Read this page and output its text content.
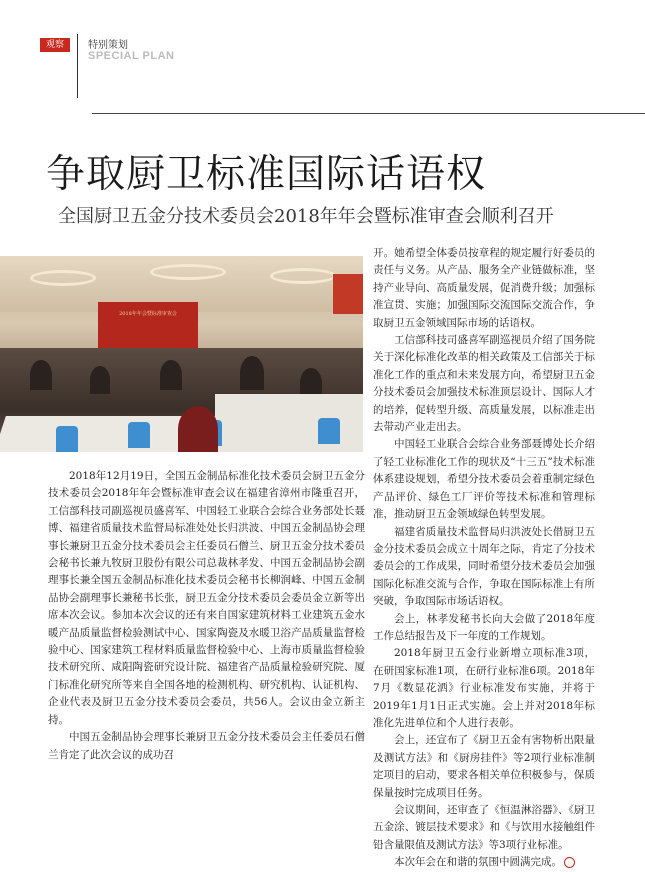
观察	特别策划
SPECIAL PLAN
争取厨卫标准国际话语权
全国厨卫五金分技术委员会2018年年会暨标准审查会顺利召开
2018年年会暨标准审查会

2018年12月19日，全国五金制品标准化技术委员会厨卫五金分技术委员会2018年年会暨标准审查会议在福建省漳州市隆重召开，工信部科技司副巡视员盛喜军、中国轻工业联合会综合业务部处长聂博、福建省质量技术监督局标准处处长归洪波、中国五金制品协会理事长兼厨卫五金分技术委员会主任委员石僧兰、厨卫五金分技术委员会秘书长兼九牧厨卫股份有限公司总裁林孝发、中国五金制品协会副理事长兼全国五金制品标准化技术委员会秘书长柳润峰、中国五金制品协会副理事长兼秘书长张，厨卫五金分技术委员会委员金立新等出席本次会议。参加本次会议的还有来自国家建筑材料工业建筑五金水暖产品质量监督检验测试中心、国家陶瓷及水暖卫浴产品质量监督检验中心、国家建筑工程材料质量监督检验中心、上海市质量监督检验技术研究所、咸阳陶瓷研究设计院、福建省产品质量检验研究院、厦门标准化研究所等来自全国各地的检测机构、研究机构、认证机构、企业代表及厨卫五金分技术委员会委员，共56人。会议由金立新主持。

中国五金制品协会理事长兼厨卫五金分技术委员会主任委员石僧兰肯定了此次会议的成功召

开。她希望全体委员按章程的规定履行好委员的责任与义务。从产品、服务全产业链做标准，坚持产业导向、高质量发展，促消费升级；加强标准宣贯、实施；加强国际交流国际交流合作，争取厨卫五金领域国际市场的话语权。

工信部科技司盛喜军副巡视员介绍了国务院关于深化标准化改革的相关政策及工信部关于标准化工作的重点和未来发展方向，希望厨卫五金分技术委员会加强技术标准顶层设计、国际人才的培养，促转型升级、高质量发展，以标准走出去带动产业走出去。

中国轻工业联合会综合业务部聂博处长介绍了轻工业标准化工作的现状及“十三五”技术标准体系建设规划，希望分技术委员会着重制定绿色产品评价、绿色工厂评价等技术标准和管理标准，推动厨卫五金领域绿色转型发展。

福建省质量技术监督局归洪波处长借厨卫五金分技术委员会成立十周年之际，肯定了分技术委员会的工作成果，同时希望分技术委员会加强国际化标准交流与合作，争取在国际标准上有所突破，争取国际市场话语权。

会上，林孝发秘书长向大会做了2018年度工作总结报告及下一年度的工作规划。

2018年厨卫五金行业新增立项标准3项，在研国家标准1项，在研行业标准6项。2018年7月《数显花洒》行业标准发布实施，并将于2019年1月1日正式实施。会上并对2018年标准化先进单位和个人进行表彰。

会上，还宣布了《厨卫五金有害物析出限量及测试方法》和《厨房挂件》等2项行业标准制定项目的启动，要求各相关单位积极参与，保质保量按时完成项目任务。

会议期间，还审查了《恒温淋浴器》、《厨卫五金涂、镀层技术要求》和《与饮用水接触组件铅含量限值及测试方法》等3项行业标准。

本次年会在和谐的氛围中圆满完成。
